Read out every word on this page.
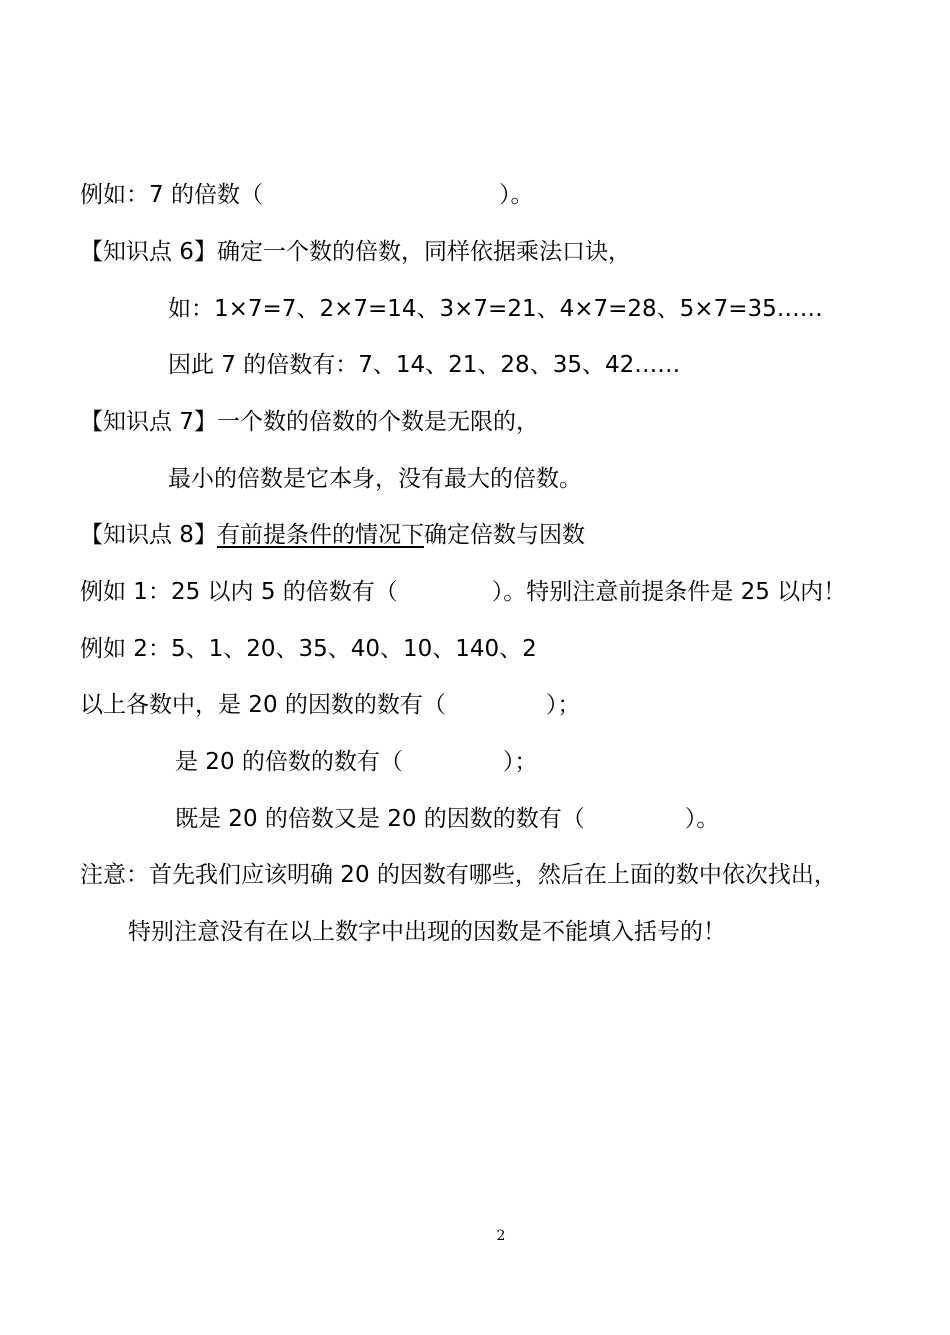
例如：7 的倍数（	）。
【知识点 6】确定一个数的倍数，同样依据乘法口诀，
如：1×7=7、2×7=14、3×7=21、4×7=28、5×7=35……
因此 7 的倍数有：7、14、21、28、35、42……
【知识点 7】一个数的倍数的个数是无限的，
最小的倍数是它本身，没有最大的倍数。
【知识点 8】有前提条件的情况下确定倍数与因数
例如 1：25 以内 5 的倍数有（	）。特别注意前提条件是 25 以内！
例如 2：5、1、20、35、40、10、140、2
以上各数中，是 20 的因数的数有（	）；
是 20 的倍数的数有（	）；
既是 20 的倍数又是 20 的因数的数有（	）。
注意：首先我们应该明确 20 的因数有哪些，然后在上面的数中依次找出，
特别注意没有在以上数字中出现的因数是不能填入括号的！
2
